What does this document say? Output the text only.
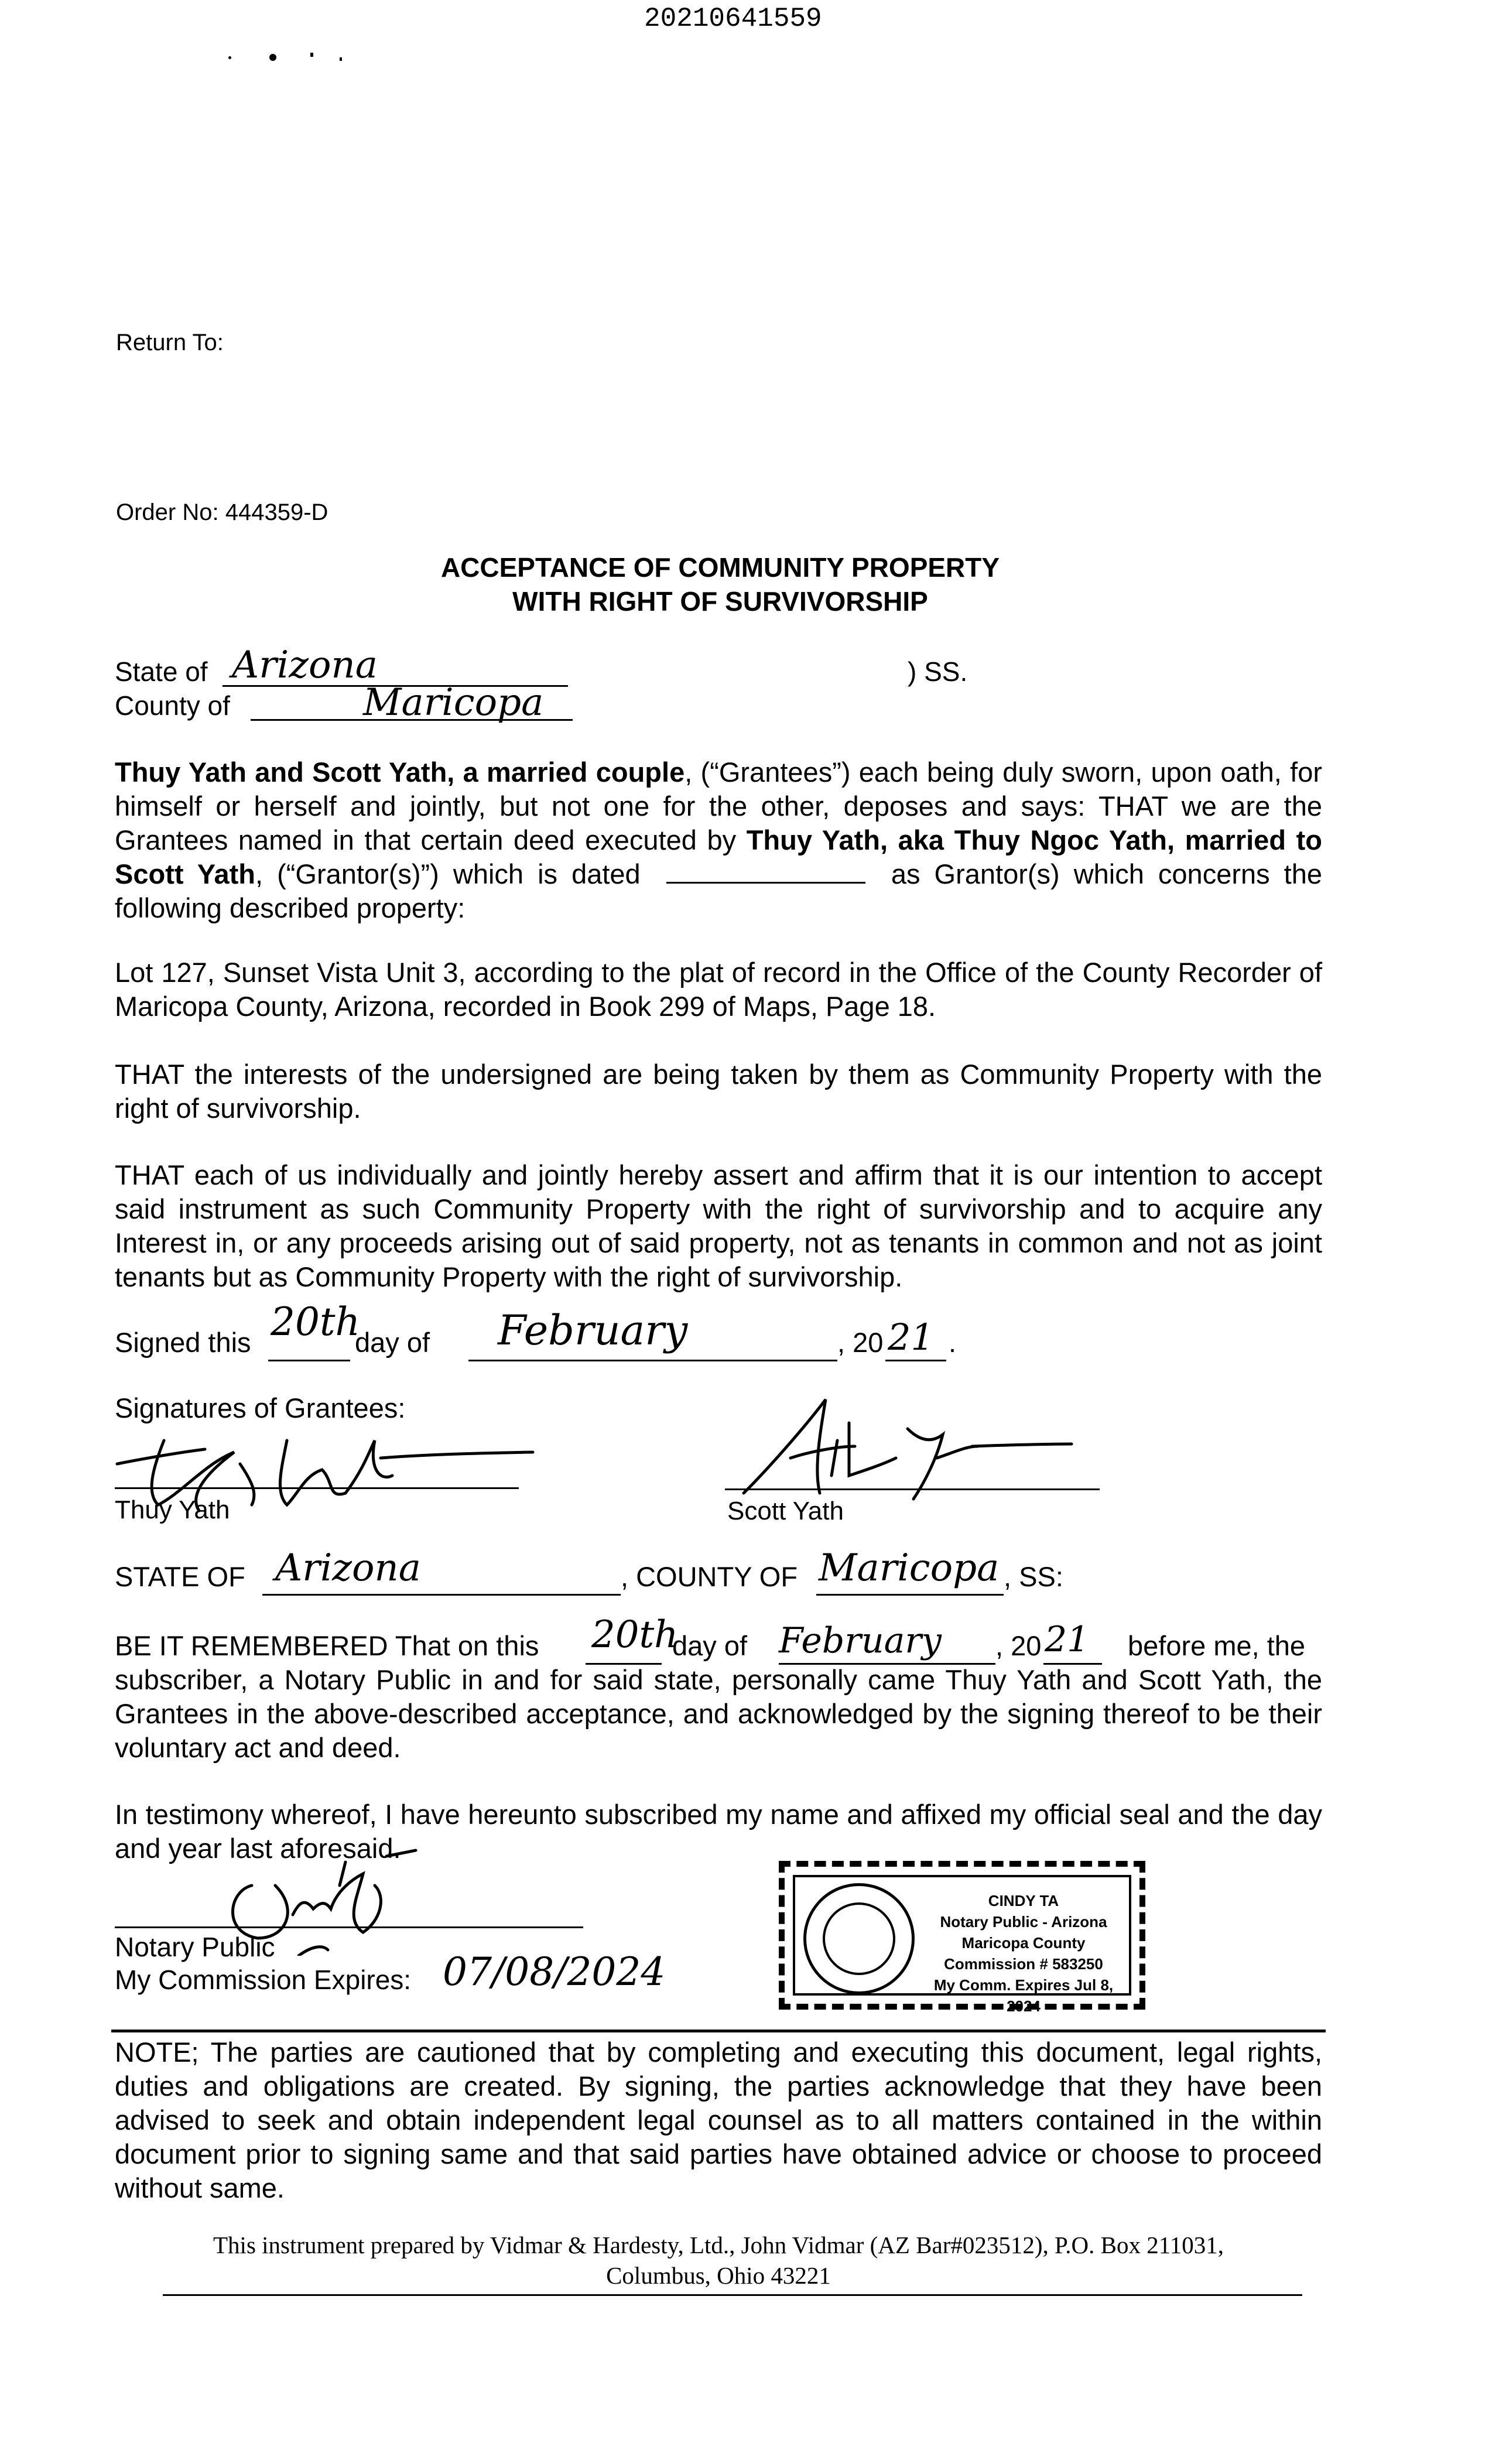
20210641559
Return To:
Order No: 444359-D
ACCEPTANCE OF COMMUNITY PROPERTY
WITH RIGHT OF SURVIVORSHIP
State of Arizona	) SS.
County of	Maricopa
Thuy Yath and Scott Yath, a married couple, (“Grantees”) each being duly sworn, upon oath, for himself or herself and jointly, but not one for the other, deposes and says: THAT we are the Grantees named in that certain deed executed by Thuy Yath, aka Thuy Ngoc Yath, married to Scott Yath, (“Grantor(s)”) which is dated	as Grantor(s) which concerns the following described property:
Lot 127, Sunset Vista Unit 3, according to the plat of record in the Office of the County Recorder of Maricopa County, Arizona, recorded in Book 299 of Maps, Page 18.
THAT the interests of the undersigned are being taken by them as Community Property with the right of survivorship.
THAT each of us individually and jointly hereby assert and affirm that it is our intention to accept said instrument as such Community Property with the right of survivorship and to acquire any Interest in, or any proceeds arising out of said property, not as tenants in common and not as joint tenants but as Community Property with the right of survivorship.
Signed this 20th
day of February	, 20 21 .
Signatures of Grantees:
Thuy Yath	Scott Yath
STATE OF Arizona	, COUNTY OF Maricopa , SS:
BE IT REMEMBERED That on this 20th
day of February , 20 21 before me, the
subscriber, a Notary Public in and for said state, personally came Thuy Yath and Scott Yath, the Grantees in the above-described acceptance, and acknowledged by the signing thereof to be their voluntary act and deed.
In testimony whereof, I have hereunto subscribed my name and affixed my official seal and the day and year last aforesaid.
Notary Public
My Commission Expires: 07/08/2024
CINDY TA
Notary Public - Arizona
Maricopa County
Commission # 583250
My Comm. Expires Jul 8, 2024
NOTE; The parties are cautioned that by completing and executing this document, legal rights, duties and obligations are created. By signing, the parties acknowledge that they have been advised to seek and obtain independent legal counsel as to all matters contained in the within document prior to signing same and that said parties have obtained advice or choose to proceed without same.
This instrument prepared by Vidmar & Hardesty, Ltd., John Vidmar (AZ Bar#023512), P.O. Box 211031,
Columbus, Ohio 43221
